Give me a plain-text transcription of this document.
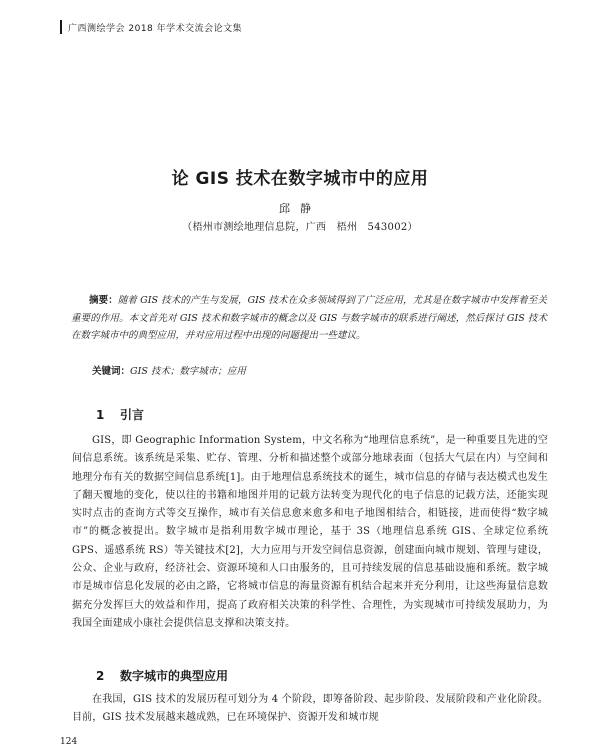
广西测绘学会 2018 年学术交流会论文集
论 GIS 技术在数字城市中的应用
邱静
（梧州市测绘地理信息院，广西　梧州　543002）
摘要：随着 GIS 技术的产生与发展，GIS 技术在众多领域得到了广泛应用，尤其是在数字城市中发挥着至关重要的作用。本文首先对 GIS 技术和数字城市的概念以及 GIS 与数字城市的联系进行阐述，然后探讨 GIS 技术在数字城市中的典型应用，并对应用过程中出现的问题提出一些建议。
关键词：GIS 技术；数字城市；应用
1 引言
GIS，即 Geographic Information System，中文名称为“地理信息系统”，是一种重要且先进的空间信息系统。该系统是采集、贮存、管理、分析和描述整个或部分地球表面（包括大气层在内）与空间和地理分布有关的数据空间信息系统[1]。由于地理信息系统技术的诞生，城市信息的存储与表达模式也发生了翻天覆地的变化，使以往的书籍和地图并用的记载方法转变为现代化的电子信息的记载方法，还能实现实时点击的查询方式等交互操作，城市有关信息愈来愈多和电子地图相结合，相链接，进而使得“数字城市”的概念被提出。数字城市是指利用数字城市理论，基于 3S（地理信息系统 GIS、全球定位系统 GPS、遥感系统 RS）等关键技术[2]，大力应用与开发空间信息资源，创建面向城市规划、管理与建设，公众、企业与政府，经济社会、资源环境和人口由服务的，且可持续发展的信息基础设施和系统。数字城市是城市信息化发展的必由之路，它将城市信息的海量资源有机结合起来并充分利用，让这些海量信息数据充分发挥巨大的效益和作用，提高了政府相关决策的科学性、合理性，为实现城市可持续发展助力，为我国全面建成小康社会提供信息支撑和决策支持。
2 数字城市的典型应用
在我国，GIS 技术的发展历程可划分为 4 个阶段，即筹备阶段、起步阶段、发展阶段和产业化阶段。目前，GIS 技术发展越来越成熟，已在环境保护、资源开发和城市规
124
